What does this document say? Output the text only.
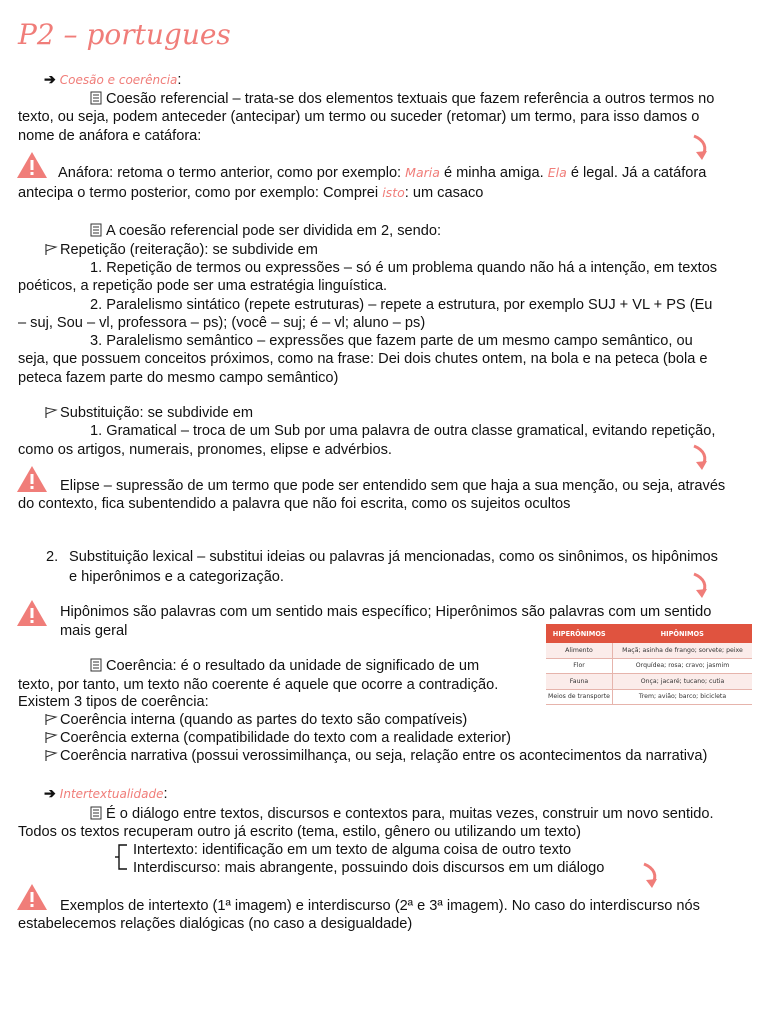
P2 – portugues
➔ Coesão e coerência:
Coesão referencial – trata-se dos elementos textuais que fazem referência a outros termos no
texto, ou seja, podem anteceder (antecipar) um termo ou suceder (retomar) um termo, para isso damos o
nome de anáfora e catáfora:
Anáfora: retoma o termo anterior, como por exemplo: Maria é minha amiga. Ela é legal. Já a catáfora
antecipa o termo posterior, como por exemplo: Comprei isto: um casaco
A coesão referencial pode ser dividida em 2, sendo:
Repetição (reiteração): se subdivide em
1. Repetição de termos ou expressões – só é um problema quando não há a intenção, em textos
poéticos, a repetição pode ser uma estratégia linguística.
2. Paralelismo sintático (repete estruturas) – repete a estrutura, por exemplo SUJ + VL + PS (Eu
– suj, Sou – vl, professora – ps); (você – suj; é – vl; aluno – ps)
3. Paralelismo semântico – expressões que fazem parte de um mesmo campo semântico, ou
seja, que possuem conceitos próximos, como na frase: Dei dois chutes ontem, na bola e na peteca (bola e
peteca fazem parte do mesmo campo semântico)
Substituição: se subdivide em
1. Gramatical – troca de um Sub por uma palavra de outra classe gramatical, evitando repetição,
como os artigos, numerais, pronomes, elipse e advérbios.
Elipse – supressão de um termo que pode ser entendido sem que haja a sua menção, ou seja, através
do contexto, fica subentendido a palavra que não foi escrita, como os sujeitos ocultos
2. Substituição lexical – substitui ideias ou palavras já mencionadas, como os sinônimos, os hipônimos
e hiperônimos e a categorização.
Hipônimos são palavras com um sentido mais específico; Hiperônimos são palavras com um sentido
mais geral	HIPERÔNIMOS	HIPÔNIMOS
Alimento	Maçã; asinha de frango; sorvete; peixe
Flor	Orquídea; rosa; cravo; jasmim
Fauna	Onça; jacaré; tucano; cutia
Meios de transporte	Trem; avião; barco; bicicleta
Coerência: é o resultado da unidade de significado de um
texto, por tanto, um texto não coerente é aquele que ocorre a contradição.
Existem 3 tipos de coerência:
Coerência interna (quando as partes do texto são compatíveis)
Coerência externa (compatibilidade do texto com a realidade exterior)
Coerência narrativa (possui verossimilhança, ou seja, relação entre os acontecimentos da narrativa)
➔ Intertextualidade:
É o diálogo entre textos, discursos e contextos para, muitas vezes, construir um novo sentido.
Todos os textos recuperam outro já escrito (tema, estilo, gênero ou utilizando um texto)
Intertexto: identificação em um texto de alguma coisa de outro texto
Interdiscurso: mais abrangente, possuindo dois discursos em um diálogo
Exemplos de intertexto (1ª imagem) e interdiscurso (2ª e 3ª imagem). No caso do interdiscurso nós
estabelecemos relações dialógicas (no caso a desigualdade)
